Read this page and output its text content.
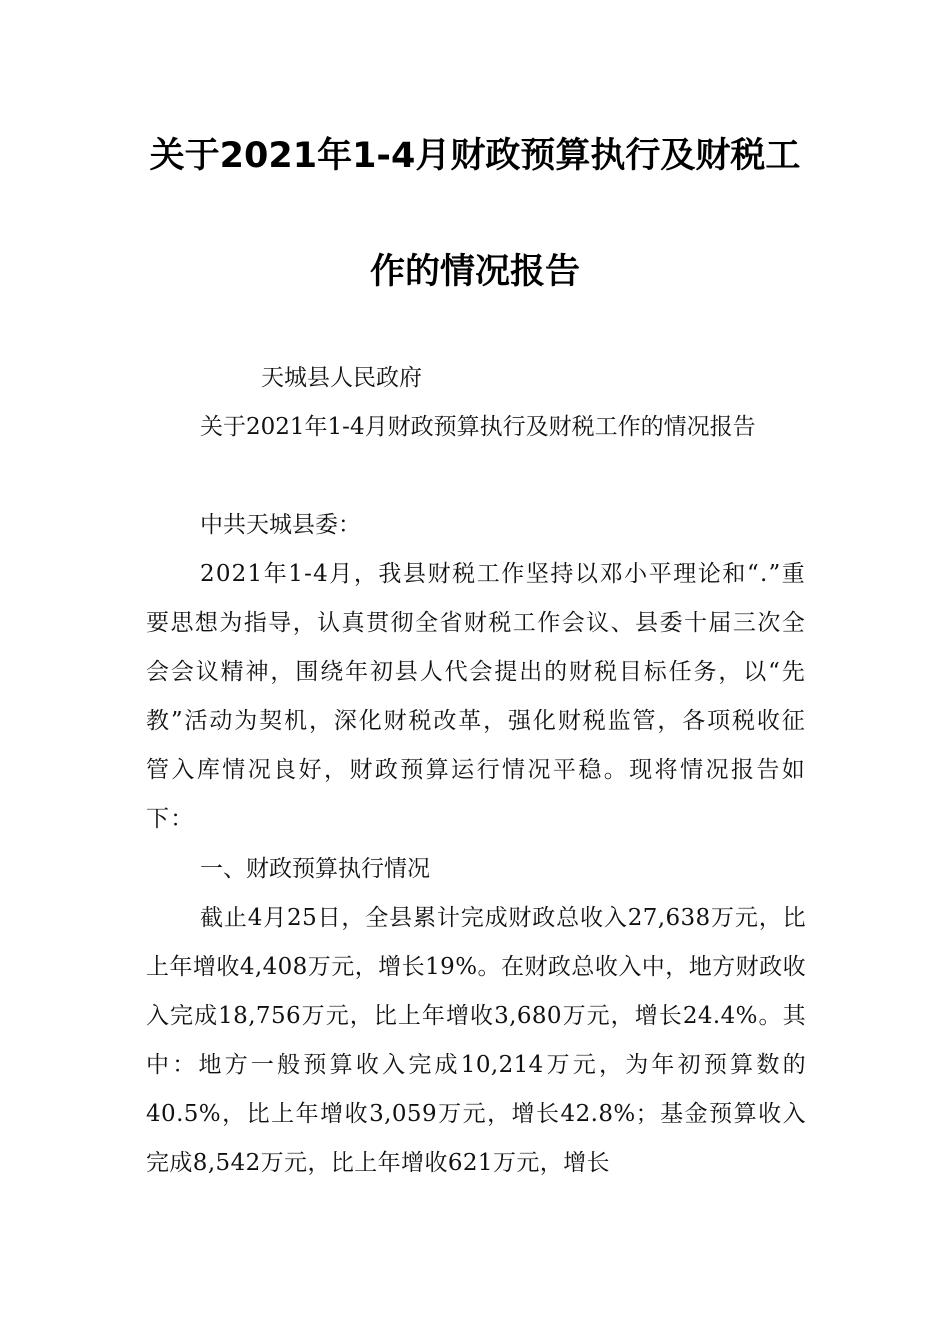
关于2021年1-4月财政预算执行及财税工
作的情况报告

天城县人民政府

关于2021年1-4月财政预算执行及财税工作的情况报告

中共天城县委：

2021年1-4月，我县财税工作坚持以邓小平理论和“.”重要思想为指导，认真贯彻全省财税工作会议、县委十届三次全会会议精神，围绕年初县人代会提出的财税目标任务，以“先教”活动为契机，深化财税改革，强化财税监管，各项税收征管入库情况良好，财政预算运行情况平稳。现将情况报告如下：

一、财政预算执行情况

截止4月25日，全县累计完成财政总收入27,638万元，比上年增收4,408万元，增长19%。在财政总收入中，地方财政收入完成18,756万元，比上年增收3,680万元，增长24.4%。其中：地方一般预算收入完成10,214万元，为年初预算数的40.5%，比上年增收3,059万元，增长42.8%；基金预算收入完成8,542万元，比上年增收621万元，增长
